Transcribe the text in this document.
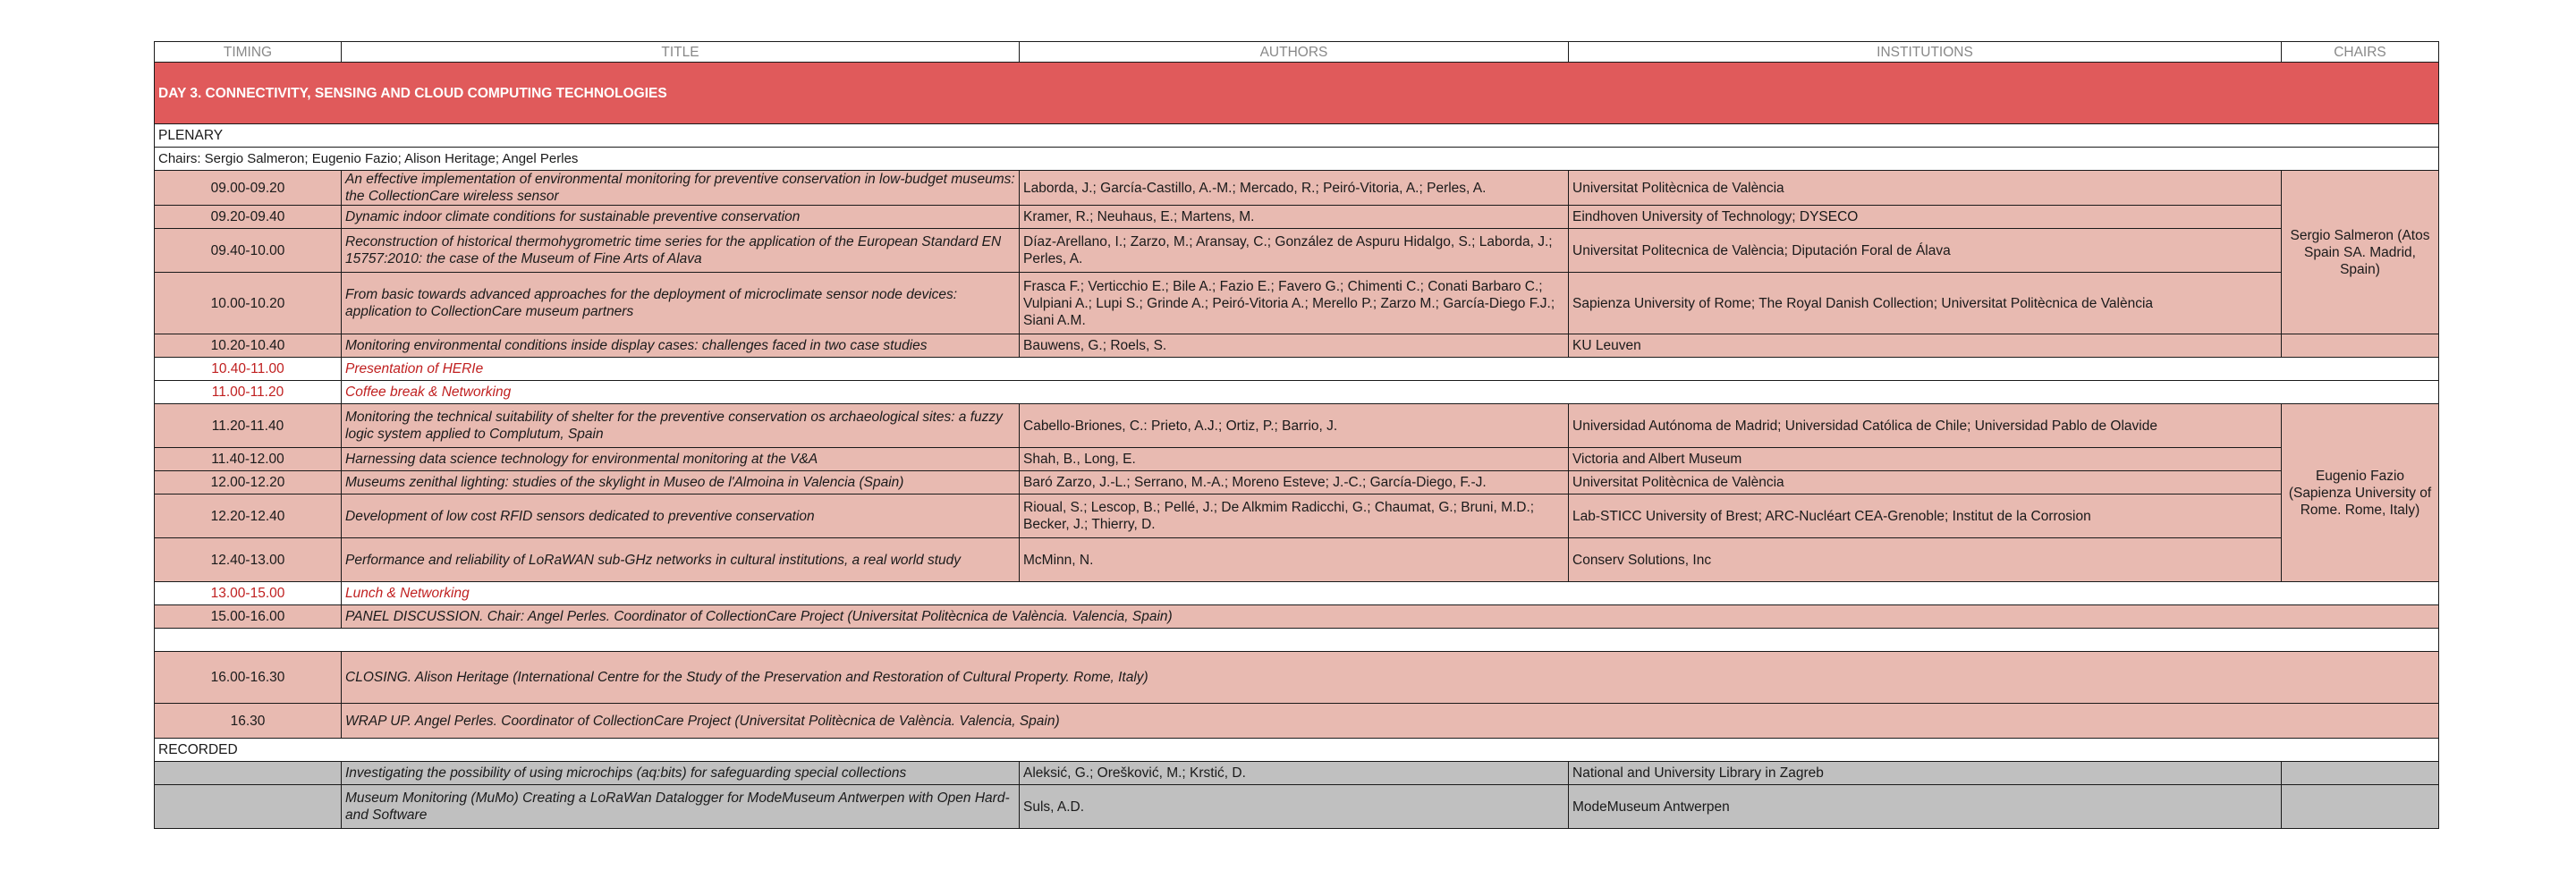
TIMING	TITLE	AUTHORS	INSTITUTIONS	CHAIRS
DAY 3. CONNECTIVITY, SENSING AND CLOUD COMPUTING TECHNOLOGIES				
PLENARY				
Chairs: Sergio Salmeron; Eugenio Fazio; Alison Heritage; Angel Perles				
09.00-09.20	An effective implementation of environmental monitoring for preventive conservation in low-budget museums: the CollectionCare wireless sensor	Laborda, J.; García-Castillo, A.-M.; Mercado, R.; Peiró-Vitoria, A.; Perles, A.	Universitat Politècnica de València	Sergio Salmeron (Atos Spain SA. Madrid, Spain)
09.20-09.40	Dynamic indoor climate conditions for sustainable preventive conservation	Kramer, R.; Neuhaus, E.; Martens, M.	Eindhoven University of Technology; DYSECO	
09.40-10.00	Reconstruction of historical thermohygrometric time series for the application of the European Standard EN 15757:2010: the case of the Museum of Fine Arts of Alava	Díaz-Arellano, I.; Zarzo, M.; Aransay, C.; González de Aspuru Hidalgo, S.; Laborda, J.; Perles, A.	Universitat Politecnica de València; Diputación Foral de Álava	
10.00-10.20	From basic towards advanced approaches for the deployment of microclimate sensor node devices: application to CollectionCare museum partners	Frasca F.; Verticchio E.; Bile A.; Fazio E.; Favero G.; Chimenti C.; Conati Barbaro C.; Vulpiani A.; Lupi S.; Grinde A.; Peiró-Vitoria A.; Merello P.; Zarzo M.; García-Diego F.J.; Siani A.M.	Sapienza University of Rome; The Royal Danish Collection; Universitat Politècnica de València	
10.20-10.40	Monitoring environmental conditions inside display cases: challenges faced in two case studies	Bauwens, G.; Roels, S.	KU Leuven	
10.40-11.00	Presentation of HERIe			
11.00-11.20	Coffee break & Networking			
11.20-11.40	Monitoring the technical suitability of shelter for the preventive conservation os archaeological sites: a fuzzy logic system applied to Complutum, Spain	Cabello-Briones, C.: Prieto, A.J.; Ortiz, P.; Barrio, J.	Universidad Autónoma de Madrid; Universidad Católica de Chile; Universidad Pablo de Olavide	Eugenio Fazio (Sapienza University of Rome. Rome, Italy)
11.40-12.00	Harnessing data science technology for environmental monitoring at the V&A	Shah, B., Long, E.	Victoria and Albert Museum	
12.00-12.20	Museums zenithal lighting: studies of the skylight in Museo de l'Almoina in Valencia (Spain)	Baró Zarzo, J.-L.; Serrano, M.-A.; Moreno Esteve; J.-C.; García-Diego, F.-J.	Universitat Politècnica de València	
12.20-12.40	Development of low cost RFID sensors dedicated to preventive conservation	Rioual, S.; Lescop, B.; Pellé, J.; De Alkmim Radicchi, G.; Chaumat, G.; Bruni, M.D.; Becker, J.; Thierry, D.	Lab-STICC University of Brest; ARC-Nucléart CEA-Grenoble; Institut de la Corrosion	
12.40-13.00	Performance and reliability of LoRaWAN sub-GHz networks in cultural institutions, a real world study	McMinn, N.	Conserv Solutions, Inc	
13.00-15.00	Lunch & Networking			
15.00-16.00	PANEL DISCUSSION. Chair: Angel Perles. Coordinator of CollectionCare Project (Universitat Politècnica de València. Valencia, Spain)			

16.00-16.30	CLOSING. Alison Heritage (International Centre for the Study of the Preservation and Restoration of Cultural Property. Rome, Italy)			
16.30	WRAP UP. Angel Perles. Coordinator of CollectionCare Project (Universitat Politècnica de València. Valencia, Spain)			
RECORDED				
	Investigating the possibility of using microchips (aq:bits) for safeguarding special collections	Aleksić, G.; Orešković, M.; Krstić, D.	National and University Library in Zagreb	
	Museum Monitoring (MuMo) Creating a LoRaWan Datalogger for ModeMuseum Antwerpen with Open Hard- and Software	Suls, A.D.	ModeMuseum Antwerpen	
